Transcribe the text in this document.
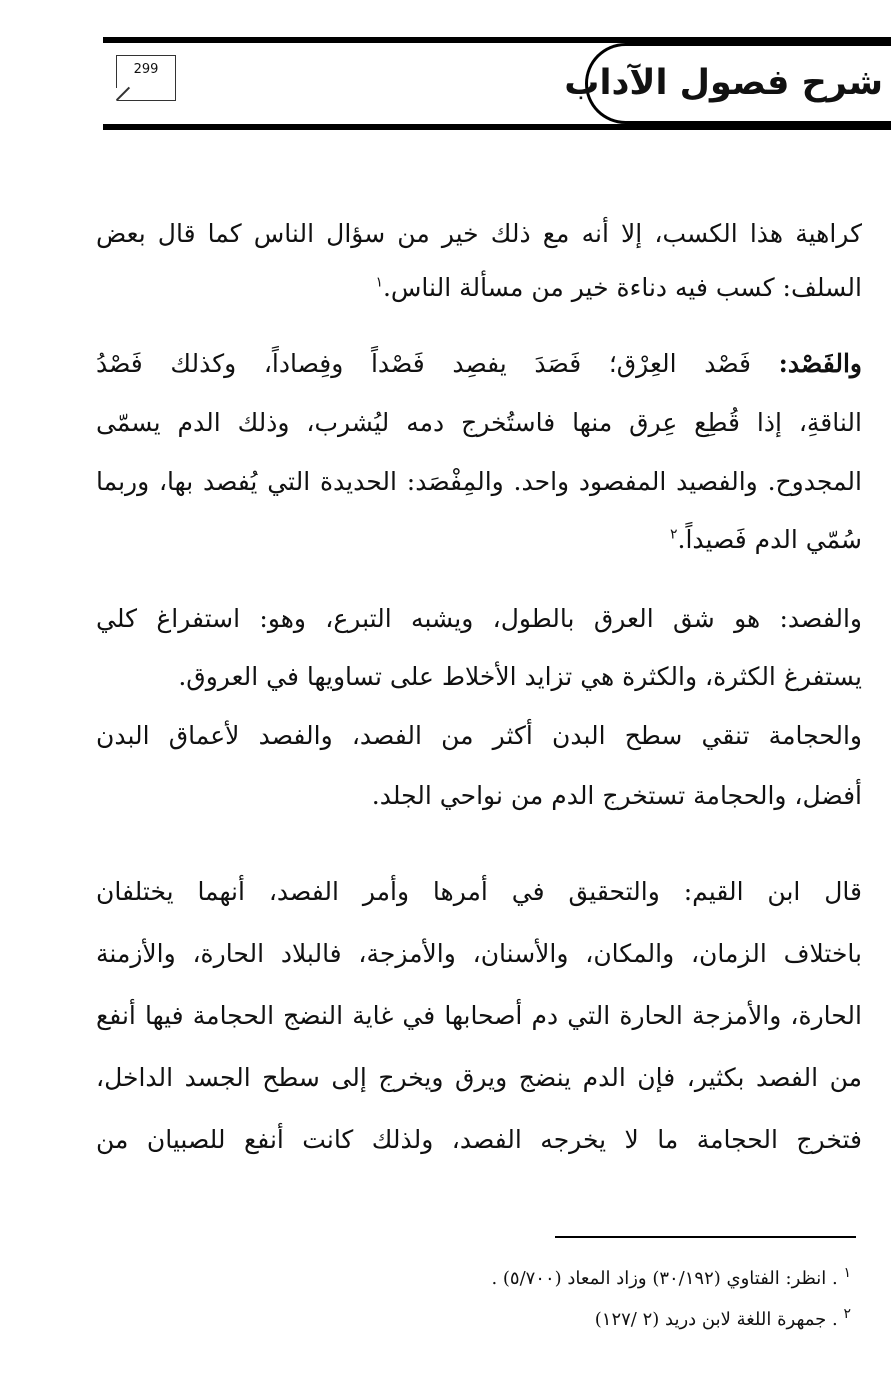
شرح فصول الآداب
299
كراهية هذا الكسب، إلا أنه مع ذلك خير من سؤال الناس كما قال بعض
السلف: كسب فيه دناءة خير من مسألة الناس.$^١$
والفَصْد: فَصْد العِرْق؛ فَصَدَ يفصِد فَصْداً وفِصاداً، وكذلك فَصْدُ
الناقةِ، إذا قُطِع عِرق منها فاستُخرج دمه ليُشرب، وذلك الدم يسمّى
المجدوح. والفصيد المفصود واحد. والمِفْصَد: الحديدة التي يُفصد بها، وربما
سُمّي الدم فَصيداً.$^٢$
والفصد: هو شق العرق بالطول، ويشبه التبرع، وهو: استفراغ كلي
يستفرغ الكثرة، والكثرة هي تزايد الأخلاط على تساويها في العروق.
والحجامة تنقي سطح البدن أكثر من الفصد، والفصد لأعماق البدن
أفضل، والحجامة تستخرج الدم من نواحي الجلد.
قال ابن القيم: والتحقيق في أمرها وأمر الفصد، أنهما يختلفان
باختلاف الزمان، والمكان، والأسنان، والأمزجة، فالبلاد الحارة، والأزمنة
الحارة، والأمزجة الحارة التي دم أصحابها في غاية النضج الحجامة فيها أنفع
من الفصد بكثير، فإن الدم ينضج ويرق ويخرج إلى سطح الجسد الداخل،
فتخرج الحجامة ما لا يخرجه الفصد، ولذلك كانت أنفع للصبيان من
$^١$ . انظر: الفتاوي (٣٠/١٩٢) وزاد المعاد (٥/٧٠٠) .
$^٢$ . جمهرة اللغة لابن دريد (٢ /١٢٧)
